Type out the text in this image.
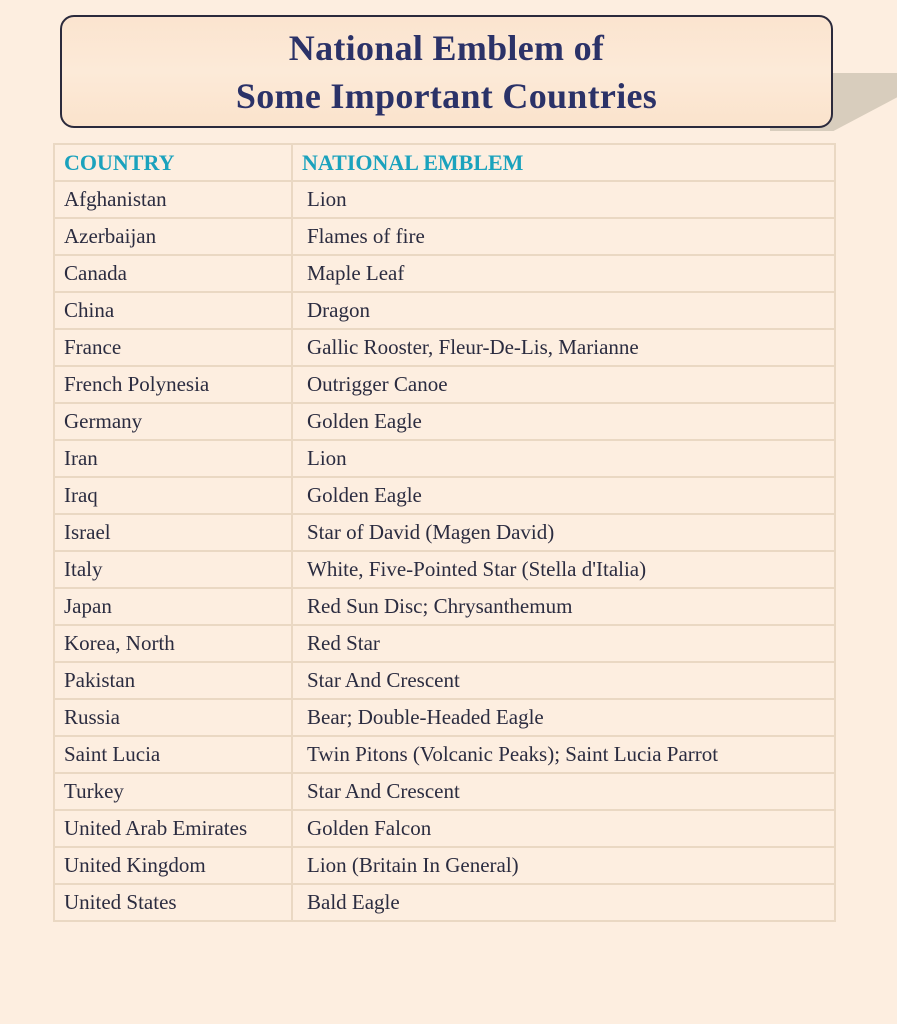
National Emblem of
Some Important Countries
COUNTRY	NATIONAL EMBLEM
Afghanistan	Lion
Azerbaijan	Flames of fire
Canada	Maple Leaf
China	Dragon
France	Gallic Rooster, Fleur-De-Lis, Marianne
French Polynesia	Outrigger Canoe
Germany	Golden Eagle
Iran	Lion
Iraq	Golden Eagle
Israel	Star of David (Magen David)
Italy	White, Five-Pointed Star (Stella d'Italia)
Japan	Red Sun Disc; Chrysanthemum
Korea, North	Red Star
Pakistan	Star And Crescent
Russia	Bear; Double-Headed Eagle
Saint Lucia	Twin Pitons (Volcanic Peaks); Saint Lucia Parrot
Turkey	Star And Crescent
United Arab Emirates	Golden Falcon
United Kingdom	Lion (Britain In General)
United States	Bald Eagle
